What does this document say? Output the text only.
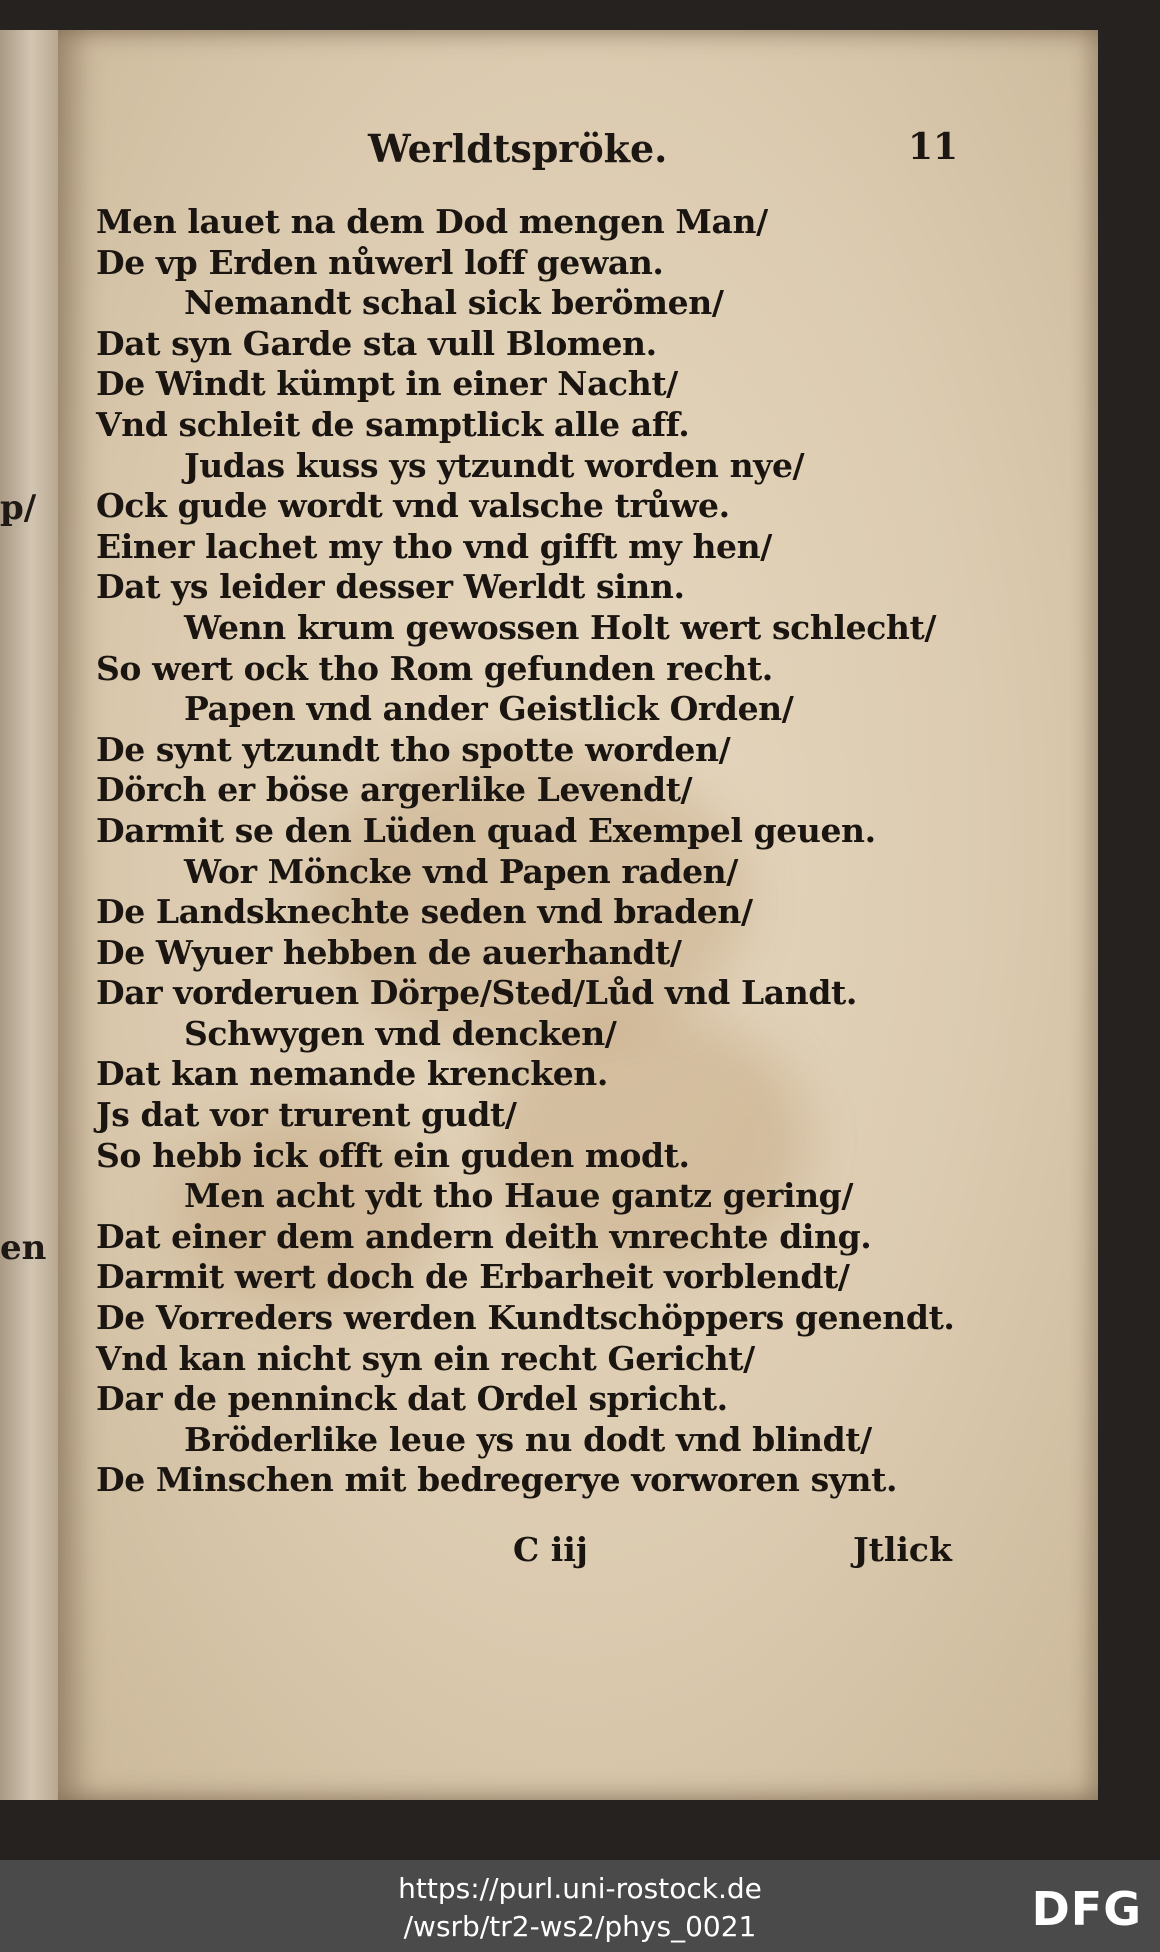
p/
en
Werldtspröke.	11
Men lauet na dem Dod mengen Man/
De vp Erden nůwerl loff gewan.
Nemandt schal sick berömen/
Dat syn Garde sta vull Blomen.
De Windt kümpt in einer Nacht/
Vnd schleit de samptlick alle aff.
Judas kuss ys ytzundt worden nye/
Ock gude wordt vnd valsche trůwe.
Einer lachet my tho vnd gifft my hen/
Dat ys leider desser Werldt sinn.
Wenn krum gewossen Holt wert schlecht/
So wert ock tho Rom gefunden recht.
Papen vnd ander Geistlick Orden/
De synt ytzundt tho spotte worden/
Dörch er böse argerlike Levendt/
Darmit se den Lüden quad Exempel geuen.
Wor Möncke vnd Papen raden/
De Landsknechte seden vnd braden/
De Wyuer hebben de auerhandt/
Dar vorderuen Dörpe/Sted/Lůd vnd Landt.
Schwygen vnd dencken/
Dat kan nemande krencken.
Js dat vor trurent gudt/
So hebb ick offt ein guden modt.
Men acht ydt tho Haue gantz gering/
Dat einer dem andern deith vnrechte ding.
Darmit wert doch de Erbarheit vorblendt/
De Vorreders werden Kundtschöppers genendt.
Vnd kan nicht syn ein recht Gericht/
Dar de penninck dat Ordel spricht.
Bröderlike leue ys nu dodt vnd blindt/
De Minschen mit bedregerye vorworen synt.
C iij	Jtlick
https://purl.uni-rostock.de
/wsrb/tr2-ws2/phys_0021	DFG
